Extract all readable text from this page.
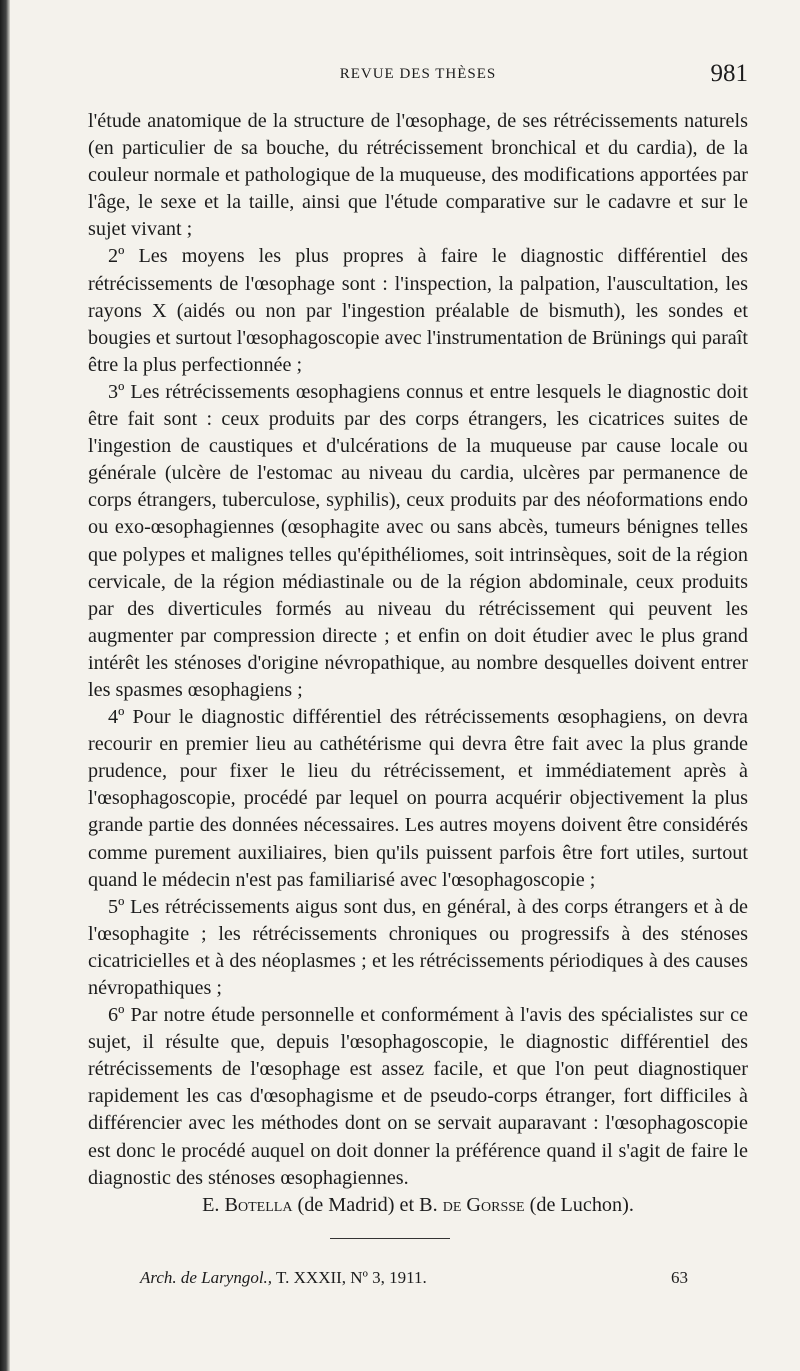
REVUE DES THÈSES	981

l'étude anatomique de la structure de l'œsophage, de ses rétrécissements naturels (en particulier de sa bouche, du rétrécissement bronchical et du cardia), de la couleur normale et pathologique de la muqueuse, des modifications apportées par l'âge, le sexe et la taille, ainsi que l'étude comparative sur le cadavre et sur le sujet vivant ;

2º Les moyens les plus propres à faire le diagnostic différentiel des rétrécissements de l'œsophage sont : l'inspection, la palpation, l'auscultation, les rayons X (aidés ou non par l'ingestion préalable de bismuth), les sondes et bougies et surtout l'œsophagoscopie avec l'instrumentation de Brünings qui paraît être la plus perfectionnée ;

3º Les rétrécissements œsophagiens connus et entre lesquels le diagnostic doit être fait sont : ceux produits par des corps étrangers, les cicatrices suites de l'ingestion de caustiques et d'ulcérations de la muqueuse par cause locale ou générale (ulcère de l'estomac au niveau du cardia, ulcères par permanence de corps étrangers, tuberculose, syphilis), ceux produits par des néoformations endo ou exo-œsophagiennes (œsophagite avec ou sans abcès, tumeurs bénignes telles que polypes et malignes telles qu'épithéliomes, soit intrinsèques, soit de la région cervicale, de la région médiastinale ou de la région abdominale, ceux produits par des diverticules formés au niveau du rétrécissement qui peuvent les augmenter par compression directe ; et enfin on doit étudier avec le plus grand intérêt les sténoses d'origine névropathique, au nombre desquelles doivent entrer les spasmes œsophagiens ;

4º Pour le diagnostic différentiel des rétrécissements œsophagiens, on devra recourir en premier lieu au cathétérisme qui devra être fait avec la plus grande prudence, pour fixer le lieu du rétrécissement, et immédiatement après à l'œsophagoscopie, procédé par lequel on pourra acquérir objectivement la plus grande partie des données nécessaires. Les autres moyens doivent être considérés comme purement auxiliaires, bien qu'ils puissent parfois être fort utiles, surtout quand le médecin n'est pas familiarisé avec l'œsophagoscopie ;

5º Les rétrécissements aigus sont dus, en général, à des corps étrangers et à de l'œsophagite ; les rétrécissements chroniques ou progressifs à des sténoses cicatricielles et à des néoplasmes ; et les rétrécissements périodiques à des causes névropathiques ;

6º Par notre étude personnelle et conformément à l'avis des spécialistes sur ce sujet, il résulte que, depuis l'œsophagoscopie, le diagnostic différentiel des rétrécissements de l'œsophage est assez facile, et que l'on peut diagnostiquer rapidement les cas d'œsophagisme et de pseudo-corps étranger, fort difficiles à différencier avec les méthodes dont on se servait auparavant : l'œsophagoscopie est donc le procédé auquel on doit donner la préférence quand il s'agit de faire le diagnostic des sténoses œsophagiennes.

E. Botella (de Madrid) et B. de Gorsse (de Luchon).

Arch. de Laryngol., T. XXXII, Nº 3, 1911.	63
